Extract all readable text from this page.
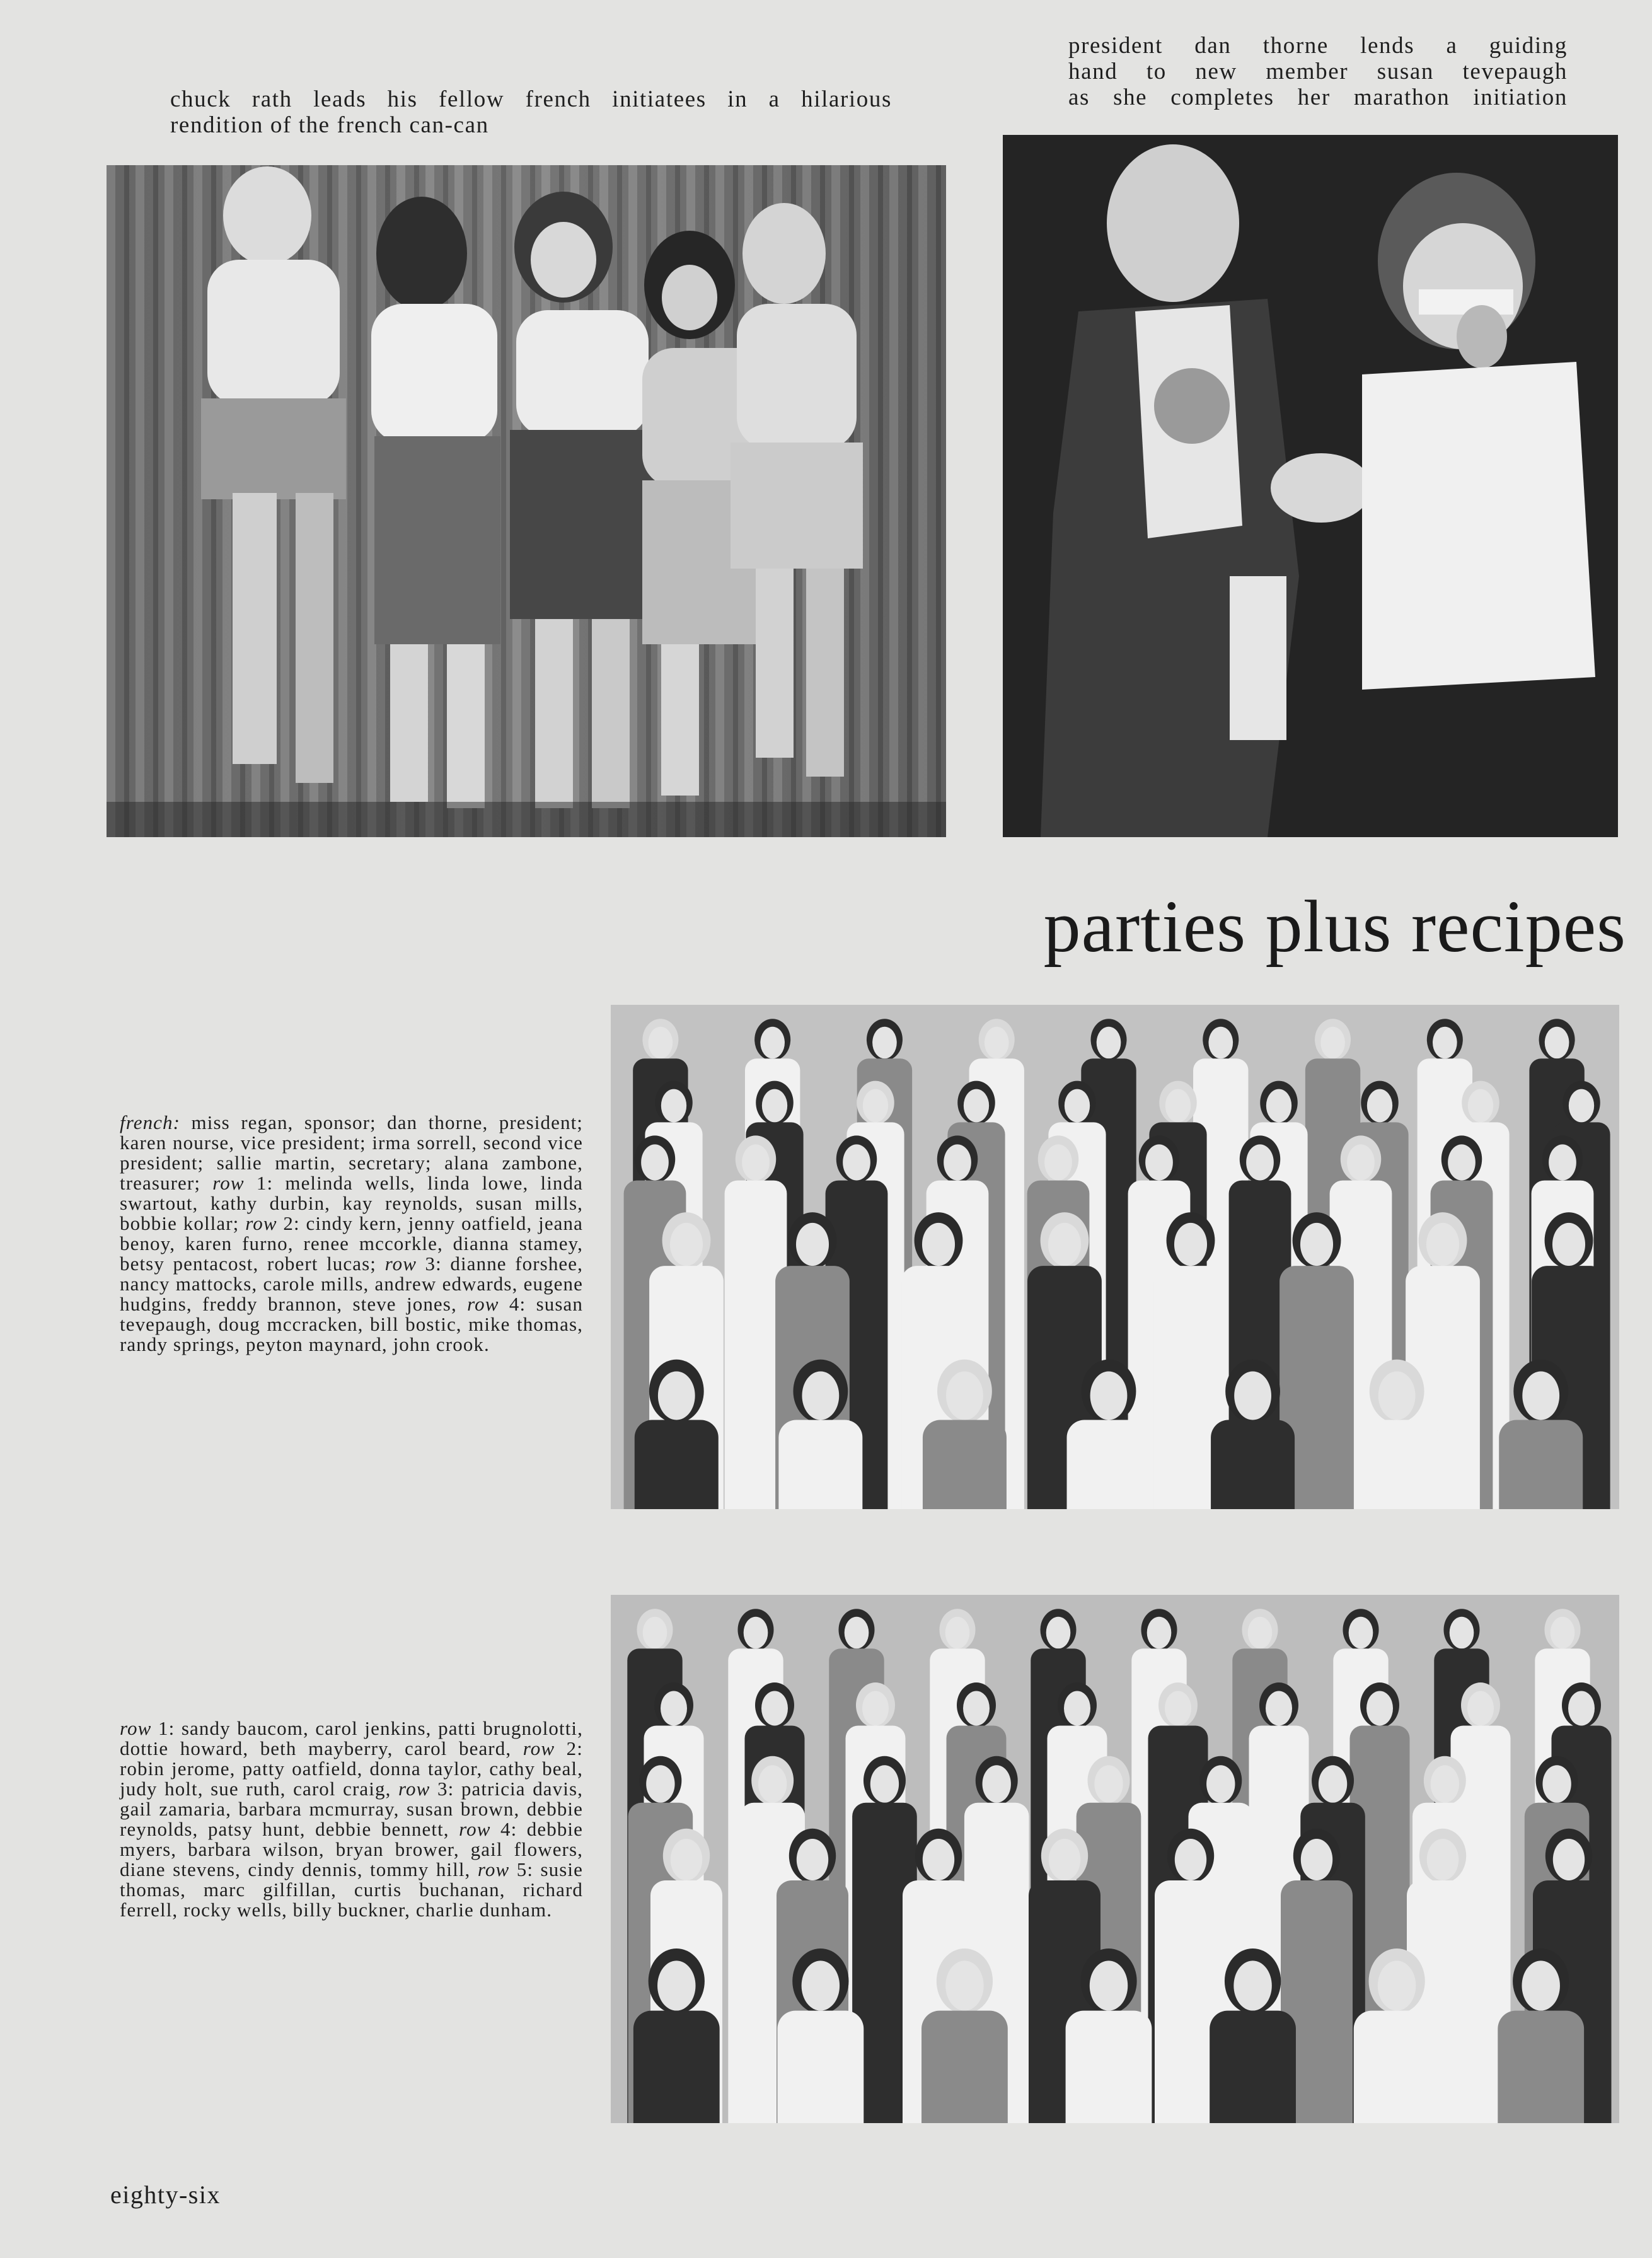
chuck rath leads his fellow french initiatees in a hilarious
rendition of the french can-can
president dan thorne lends a guiding
hand to new member susan tevepaugh
as she completes her marathon initiation
parties plus recipes
french: miss regan, sponsor; dan thorne, president; karen nourse, vice president; irma sorrell, second vice president; sallie martin, secretary; alana zambone, treasurer; row 1: melinda wells, linda lowe, linda swartout, kathy durbin, kay reynolds, susan mills, bobbie kollar; row 2: cindy kern, jenny oatfield, jeana benoy, karen furno, renee mccorkle, dianna stamey, betsy pentacost, robert lucas; row 3: dianne forshee, nancy mattocks, carole mills, andrew edwards, eugene hudgins, freddy brannon, steve jones, row 4: susan tevepaugh, doug mccracken, bill bostic, mike thomas, randy springs, peyton maynard, john crook.
row 1: sandy baucom, carol jenkins, patti brugnolotti, dottie howard, beth mayberry, carol beard, row 2: robin jerome, patty oatfield, donna taylor, cathy beal, judy holt, sue ruth, carol craig, row 3: patricia davis, gail zamaria, barbara mcmurray, susan brown, debbie reynolds, patsy hunt, debbie bennett, row 4: debbie myers, barbara wilson, bryan brower, gail flowers, diane stevens, cindy dennis, tommy hill, row 5: susie thomas, marc gilfillan, curtis buchanan, richard ferrell, rocky wells, billy buckner, charlie dunham.
eighty-six
